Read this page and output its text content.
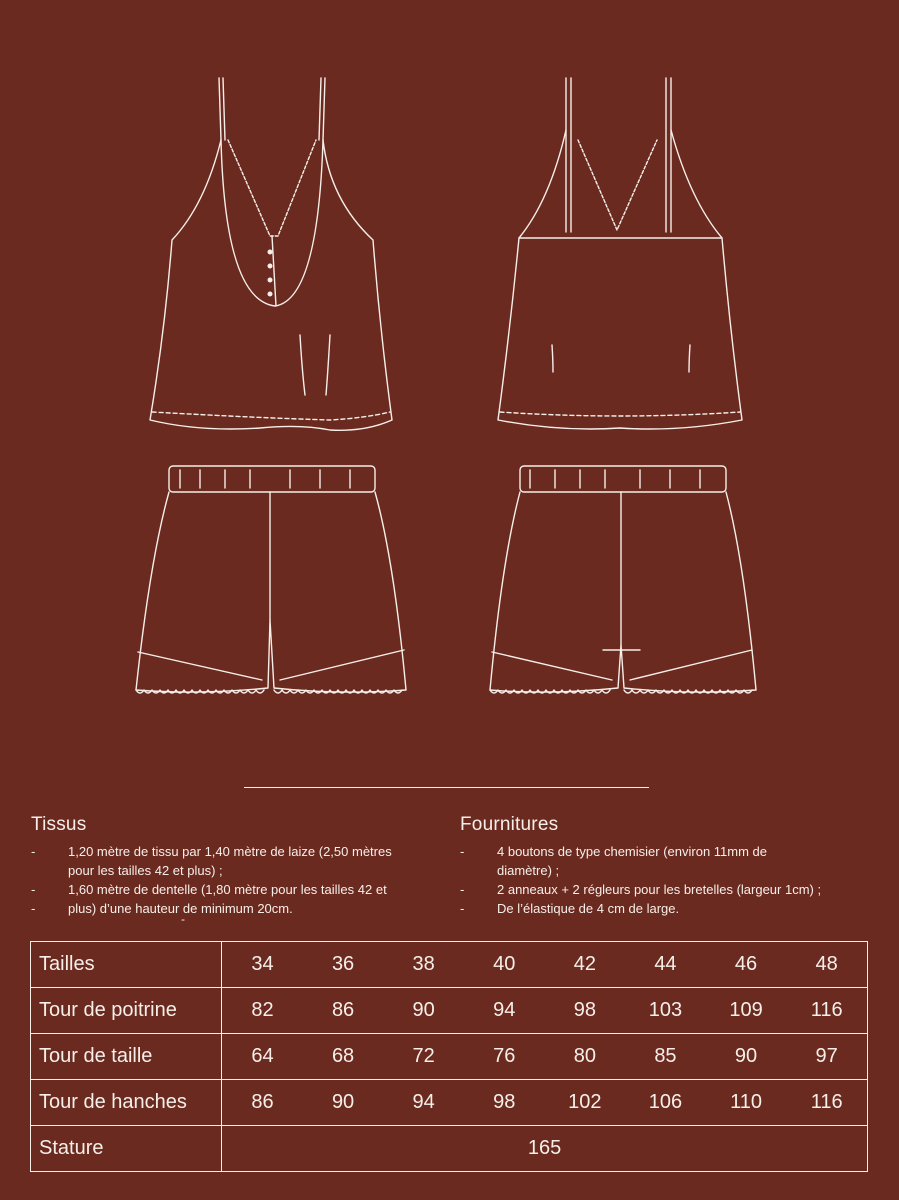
Tissus
- 1,20 mètre de tissu par 1,40 mètre de laize (2,50 mètres
pour les tailles 42 et plus) ;
- 1,60 mètre de dentelle (1,80 mètre pour les tailles 42 et
- plus) d’une hauteur de minimum 20cm.
-
Fournitures
- 4 boutons de type chemisier (environ 11mm de
diamètre) ;
- 2 anneaux + 2 régleurs pour les bretelles (largeur 1cm) ;
- De l’élastique de 4 cm de large.
Tailles	34	36	38	40	42	44	46	48
Tour de poitrine	82	86	90	94	98	103	109	116
Tour de taille	64	68	72	76	80	85	90	97
Tour de hanches	86	90	94	98	102	106	110	116
Stature	165							
